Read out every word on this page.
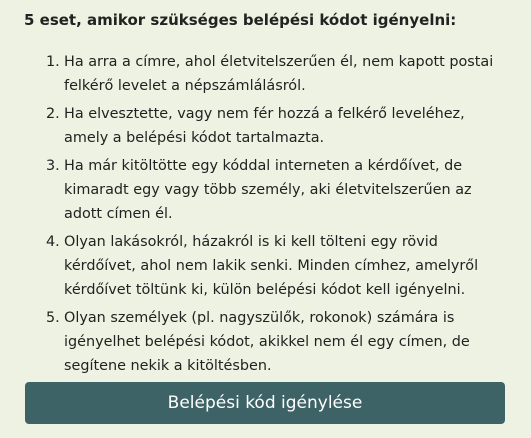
5 eset, amikor szükséges belépési kódot igényelni:
1. Ha arra a címre, ahol életvitelszerűen él, nem kapott postai felkérő levelet a népszámlálásról.
2. Ha elvesztette, vagy nem fér hozzá a felkérő leveléhez, amely a belépési kódot tartalmazta.
3. Ha már kitöltötte egy kóddal interneten a kérdőívet, de kimaradt egy vagy több személy, aki életvitelszerűen az adott címen él.
4. Olyan lakásokról, házakról is ki kell tölteni egy rövid kérdőívet, ahol nem lakik senki. Minden címhez, amelyről kérdőívet töltünk ki, külön belépési kódot kell igényelni.
5. Olyan személyek (pl. nagyszülők, rokonok) számára is igényelhet belépési kódot, akikkel nem él egy címen, de segítene nekik a kitöltésben.
Belépési kód igénylése
